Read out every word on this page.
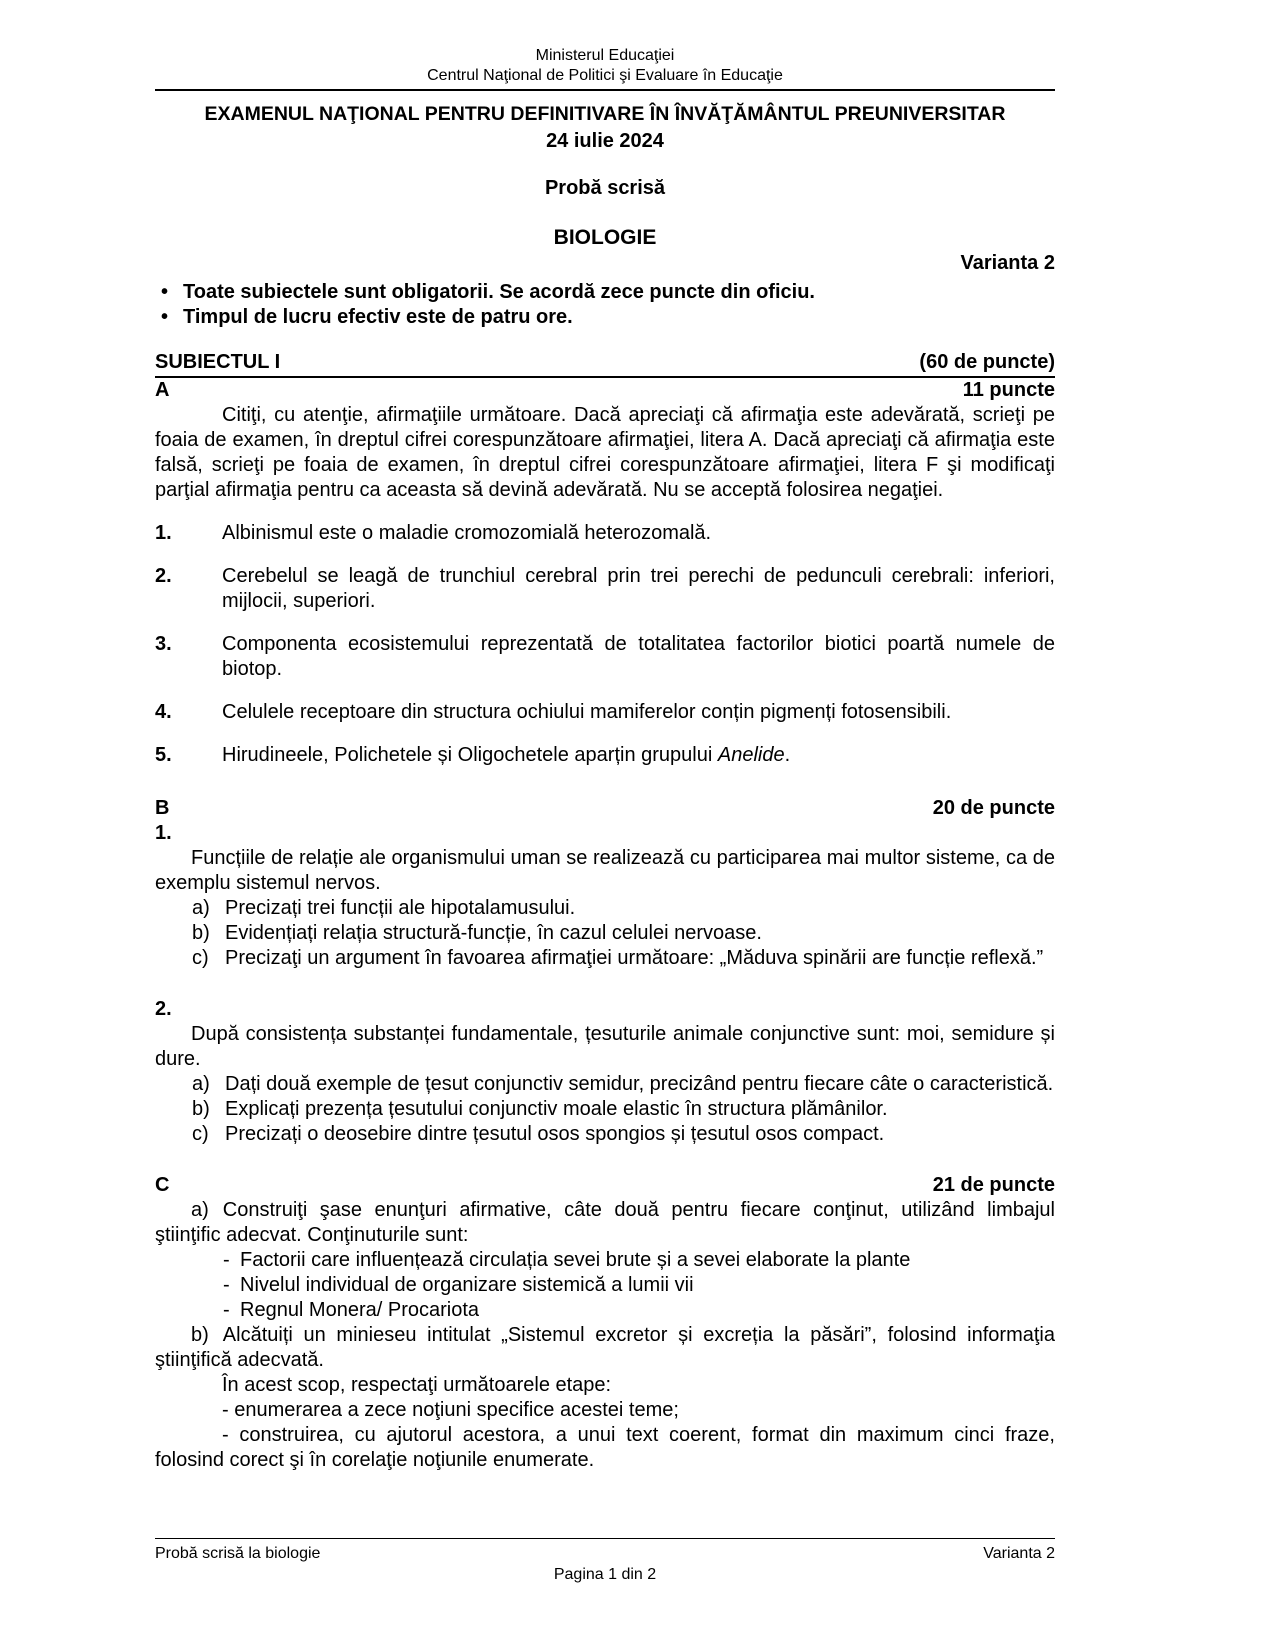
Ministerul Educaţiei
Centrul Naţional de Politici şi Evaluare în Educaţie
EXAMENUL NAŢIONAL PENTRU DEFINITIVARE ÎN ÎNVĂŢĂMÂNTUL PREUNIVERSITAR
24 iulie 2024
Probă scrisă
BIOLOGIE
Varianta 2
• Toate subiectele sunt obligatorii. Se acordă zece puncte din oficiu.
• Timpul de lucru efectiv este de patru ore.
SUBIECTUL I	(60 de puncte)
A	11 puncte

Citiţi, cu atenţie, afirmaţiile următoare. Dacă apreciaţi că afirmaţia este adevărată, scrieţi pe foaia de examen, în dreptul cifrei corespunzătoare afirmaţiei, litera A. Dacă apreciaţi că afirmaţia este falsă, scrieţi pe foaia de examen, în dreptul cifrei corespunzătoare afirmaţiei, litera F şi modificaţi parţial afirmaţia pentru ca aceasta să devină adevărată. Nu se acceptă folosirea negaţiei.

1.	Albinismul este o maladie cromozomială heterozomală.
2.	Cerebelul se leagă de trunchiul cerebral prin trei perechi de pedunculi cerebrali: inferiori, mijlocii, superiori.
3.	Componenta ecosistemului reprezentată de totalitatea factorilor biotici poartă numele de biotop.
4.	Celulele receptoare din structura ochiului mamiferelor conțin pigmenți fotosensibili.
5.	Hirudineele, Polichetele și Oligochetele aparțin grupului Anelide.
B	20 de puncte
1.

Funcțiile de relație ale organismului uman se realizează cu participarea mai multor sisteme, ca de exemplu sistemul nervos.

a) Precizați trei funcții ale hipotalamusului.
b) Evidențiați relația structură-funcție, în cazul celulei nervoase.
c) Precizaţi un argument în favoarea afirmaţiei următoare: „Măduva spinării are funcție reflexă.”
2.

După consistența substanței fundamentale, țesuturile animale conjunctive sunt: moi, semidure și dure.

a) Dați două exemple de țesut conjunctiv semidur, precizând pentru fiecare câte o caracteristică.
b) Explicați prezența țesutului conjunctiv moale elastic în structura plămânilor.
c) Precizați o deosebire dintre țesutul osos spongios și țesutul osos compact.
C	21 de puncte

a) Construiţi şase enunţuri afirmative, câte două pentru fiecare conţinut, utilizând limbajul ştiinţific adecvat. Conţinuturile sunt:

- Factorii care influențează circulația sevei brute și a sevei elaborate la plante
- Nivelul individual de organizare sistemică a lumii vii
- Regnul Monera/ Procariota

b) Alcătuiți un minieseu intitulat „Sistemul excretor și excreția la păsări”, folosind informaţia ştiinţifică adecvată.

În acest scop, respectaţi următoarele etape:

- enumerarea a zece noţiuni specifice acestei teme;

- construirea, cu ajutorul acestora, a unui text coerent, format din maximum cinci fraze, folosind corect şi în corelaţie noţiunile enumerate.

Probă scrisă la biologie	Varianta 2
Pagina 1 din 2
